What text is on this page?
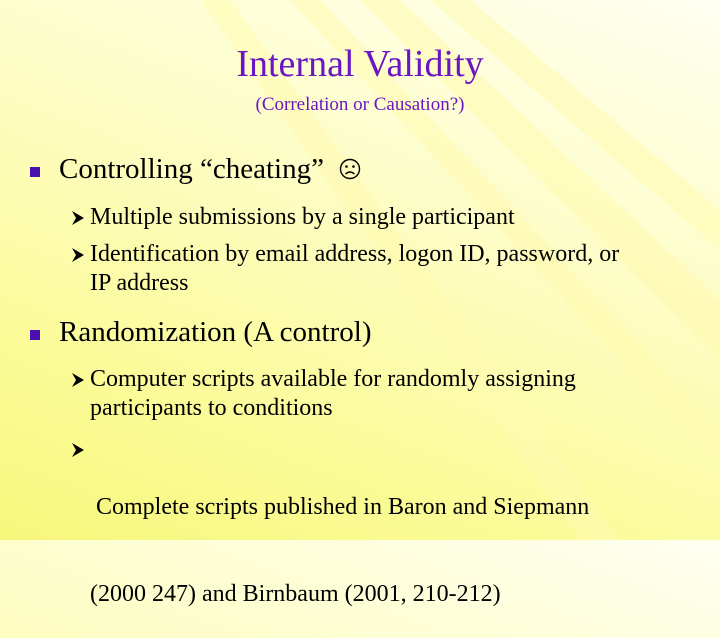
Internal Validity
(Correlation or Causation?)
Controlling “cheating”
Multiple submissions by a single participant
Identification by email address, logon ID, password, or
IP address
Randomization (A control)
Computer scripts available for randomly assigning
participants to conditions

Complete scripts published in Baron and Siepmann

(2000 247) and Birnbaum (2001, 210-212)
